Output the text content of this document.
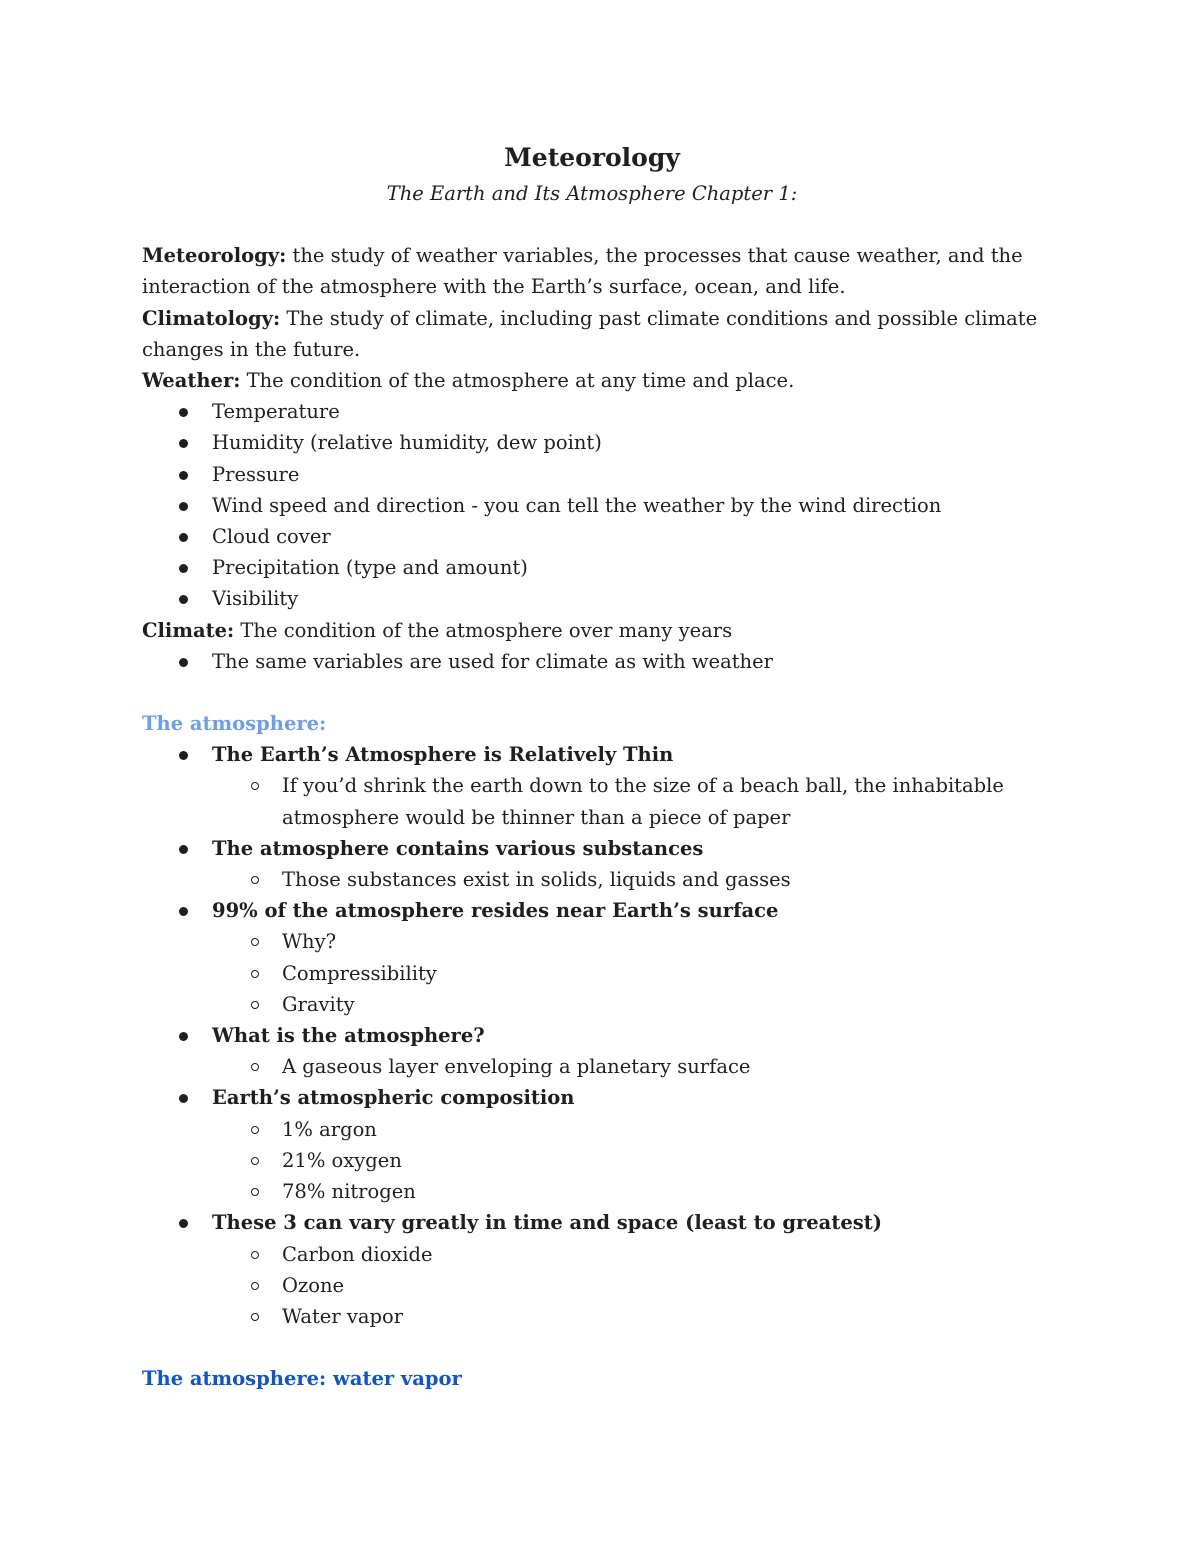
Meteorology

The Earth and Its Atmosphere Chapter 1:

Meteorology: the study of weather variables, the processes that cause weather, and the interaction of the atmosphere with the Earth’s surface, ocean, and life.

Climatology: The study of climate, including past climate conditions and possible climate changes in the future.

Weather: The condition of the atmosphere at any time and place.

Temperature
Humidity (relative humidity, dew point)
Pressure
Wind speed and direction - you can tell the weather by the wind direction
Cloud cover
Precipitation (type and amount)
Visibility

Climate: The condition of the atmosphere over many years

The same variables are used for climate as with weather

The atmosphere:

The Earth’s Atmosphere is Relatively Thin
If you’d shrink the earth down to the size of a beach ball, the inhabitable atmosphere would be thinner than a piece of paper
The atmosphere contains various substances
Those substances exist in solids, liquids and gasses
99% of the atmosphere resides near Earth’s surface
Why?
Compressibility
Gravity
What is the atmosphere?
A gaseous layer enveloping a planetary surface
Earth’s atmospheric composition
1% argon
21% oxygen
78% nitrogen
These 3 can vary greatly in time and space (least to greatest)
Carbon dioxide
Ozone
Water vapor

The atmosphere: water vapor
